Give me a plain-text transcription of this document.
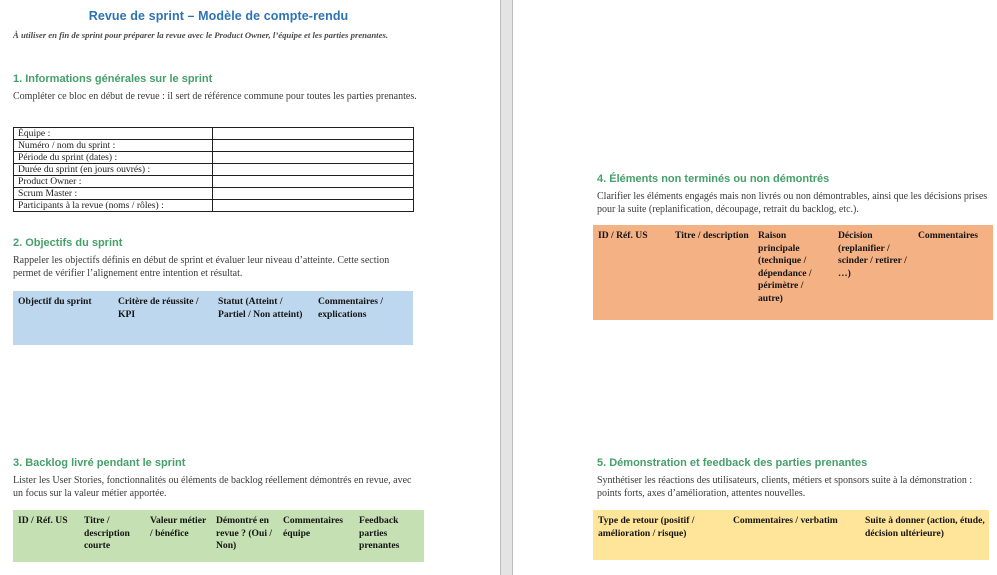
Revue de sprint – Modèle de compte-rendu
À utiliser en fin de sprint pour préparer la revue avec le Product Owner, l’équipe et les parties prenantes.
1. Informations générales sur le sprint
Compléter ce bloc en début de revue : il sert de référence commune pour toutes les parties prenantes.
Équipe :	
Numéro / nom du sprint :	
Période du sprint (dates) :	
Durée du sprint (en jours ouvrés) :	
Product Owner :	
Scrum Master :	
Participants à la revue (noms / rôles) :	
2. Objectifs du sprint
Rappeler les objectifs définis en début de sprint et évaluer leur niveau d’atteinte. Cette section permet de vérifier l’alignement entre intention et résultat.
Objectif du sprint	Critère de réussite / KPI	Statut (Atteint / Partiel / Non atteint)	Commentaires / explications
3. Backlog livré pendant le sprint
Lister les User Stories, fonctionnalités ou éléments de backlog réellement démontrés en revue, avec un focus sur la valeur métier apportée.
ID / Réf. US	Titre / description courte	Valeur métier / bénéfice	Démontré en revue ? (Oui / Non)	Commentaires équipe	Feedback parties prenantes
4. Éléments non terminés ou non démontrés
Clarifier les éléments engagés mais non livrés ou non démontrables, ainsi que les décisions prises pour la suite (replanification, découpage, retrait du backlog, etc.).
ID / Réf. US	Titre / description	Raison principale (technique / dépendance / périmètre / autre)	Décision (replanifier / scinder / retirer / …)	Commentaires
5. Démonstration et feedback des parties prenantes
Synthétiser les réactions des utilisateurs, clients, métiers et sponsors suite à la démonstration : points forts, axes d’amélioration, attentes nouvelles.
Type de retour (positif / amélioration / risque)	Commentaires / verbatim	Suite à donner (action, étude, décision ultérieure)
